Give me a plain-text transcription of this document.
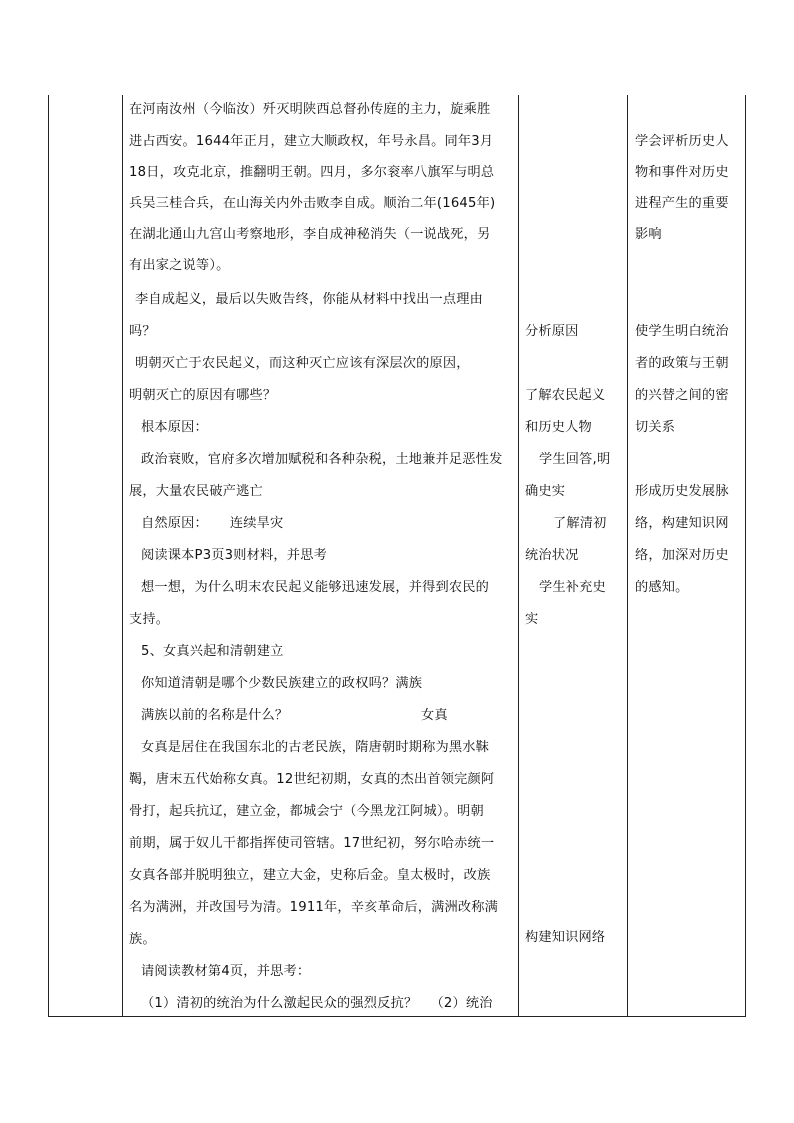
在河南汝州（今临汝）歼灭明陕西总督孙传庭的主力，旋乘胜
进占西安。1644年正月，建立大顺政权，年号永昌。同年3月
18日，攻克北京，推翻明王朝。四月，多尔衮率八旗军与明总
兵吴三桂合兵，在山海关内外击败李自成。顺治二年(1645年)
在湖北通山九宫山考察地形，李自成神秘消失（一说战死，另
有出家之说等）。
李自成起义，最后以失败告终，你能从材料中找出一点理由
吗？
明朝灭亡于农民起义，而这种灭亡应该有深层次的原因，
明朝灭亡的原因有哪些？
根本原因：
政治衰败，官府多次增加赋税和各种杂税，土地兼并足恶性发
展，大量农民破产逃亡
自然原因：     连续旱灾
阅读课本P3页3则材料，并思考
想一想，为什么明末农民起义能够迅速发展，并得到农民的
支持。
5、女真兴起和清朝建立
你知道清朝是哪个少数民族建立的政权吗？满族
满族以前的名称是什么？	女真
女真是居住在我国东北的古老民族，隋唐朝时期称为黑水靺
鞨，唐末五代始称女真。12世纪初期，女真的杰出首领完颜阿
骨打，起兵抗辽，建立金，都城会宁（今黑龙江阿城）。明朝
前期，属于奴儿干都指挥使司管辖。17世纪初，努尔哈赤统一
女真各部并脱明独立，建立大金，史称后金。皇太极时，改族
名为满洲，并改国号为清。1911年，辛亥革命后，满洲改称满
族。
请阅读教材第4页，并思考：
（1）清初的统治为什么激起民众的强烈反抗？   （2）统治
分析原因
了解农民起义
和历史人物
学生回答,明
确史实
了解清初
统治状况
学生补充史
实
构建知识网络
学会评析历史人
物和事件对历史
进程产生的重要
影响
使学生明白统治
者的政策与王朝
的兴替之间的密
切关系
形成历史发展脉
络，构建知识网
络，加深对历史
的感知。
